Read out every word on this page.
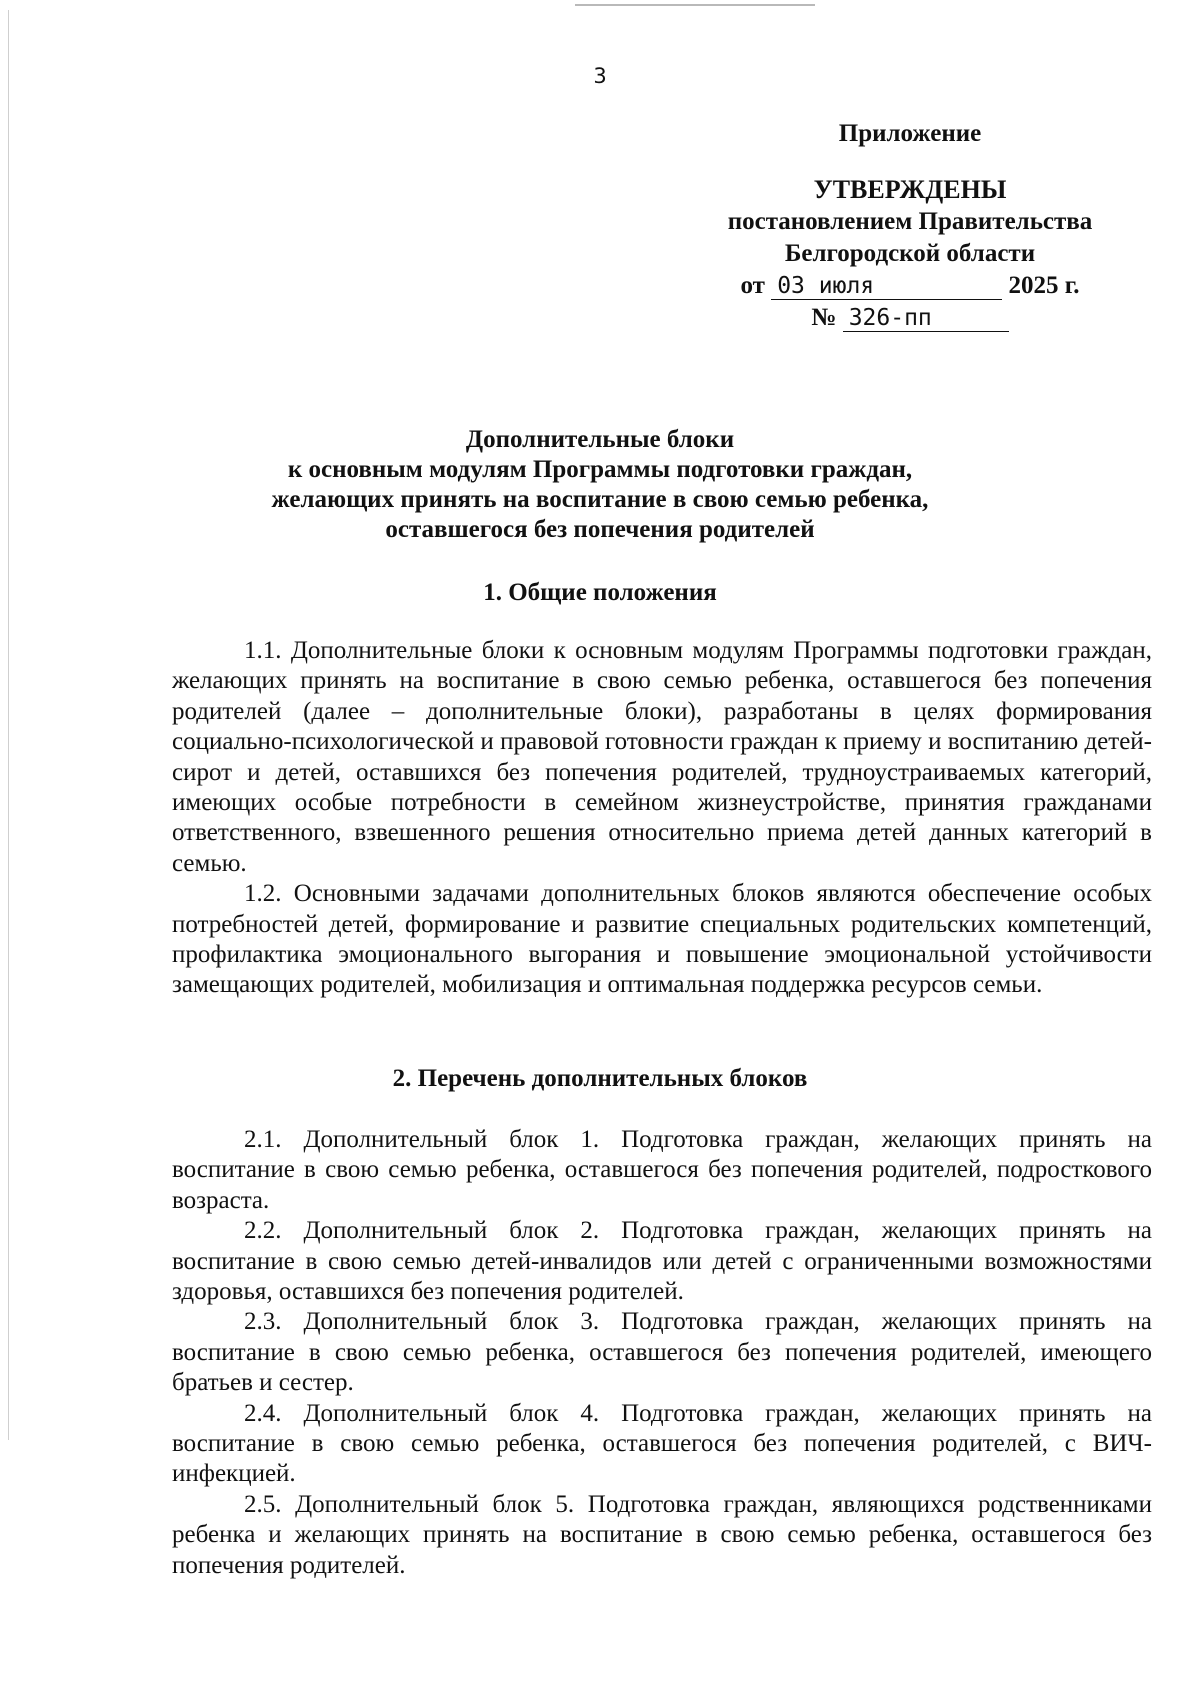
3
Приложение
УТВЕРЖДЕНЫ
постановлением Правительства
Белгородской области
от 03 июля	2025 г.
№ 326-пп
Дополнительные блоки
к основным модулям Программы подготовки граждан,
желающих принять на воспитание в свою семью ребенка,
оставшегося без попечения родителей
1. Общие положения

1.1. Дополнительные блоки к основным модулям Программы подготовки граждан, желающих принять на воспитание в свою семью ребенка, оставшегося без попечения родителей (далее – дополнительные блоки), разработаны в целях формирования социально-психологической и правовой готовности граждан к приему и воспитанию детей-сирот и детей, оставшихся без попечения родителей, трудноустраиваемых категорий, имеющих особые потребности в семейном жизнеустройстве, принятия гражданами ответственного, взвешенного решения относительно приема детей данных категорий в семью.

1.2. Основными задачами дополнительных блоков являются обеспечение особых потребностей детей, формирование и развитие специальных родительских компетенций, профилактика эмоционального выгорания и повышение эмоциональной устойчивости замещающих родителей, мобилизация и оптимальная поддержка ресурсов семьи.

2. Перечень дополнительных блоков

2.1. Дополнительный блок 1. Подготовка граждан, желающих принять на воспитание в свою семью ребенка, оставшегося без попечения родителей, подросткового возраста.

2.2. Дополнительный блок 2. Подготовка граждан, желающих принять на воспитание в свою семью детей-инвалидов или детей с ограниченными возможностями здоровья, оставшихся без попечения родителей.

2.3. Дополнительный блок 3. Подготовка граждан, желающих принять на воспитание в свою семью ребенка, оставшегося без попечения родителей, имеющего братьев и сестер.

2.4. Дополнительный блок 4. Подготовка граждан, желающих принять на воспитание в свою семью ребенка, оставшегося без попечения родителей, с ВИЧ-инфекцией.

2.5. Дополнительный блок 5. Подготовка граждан, являющихся родственниками ребенка и желающих принять на воспитание в свою семью ребенка, оставшегося без попечения родителей.
